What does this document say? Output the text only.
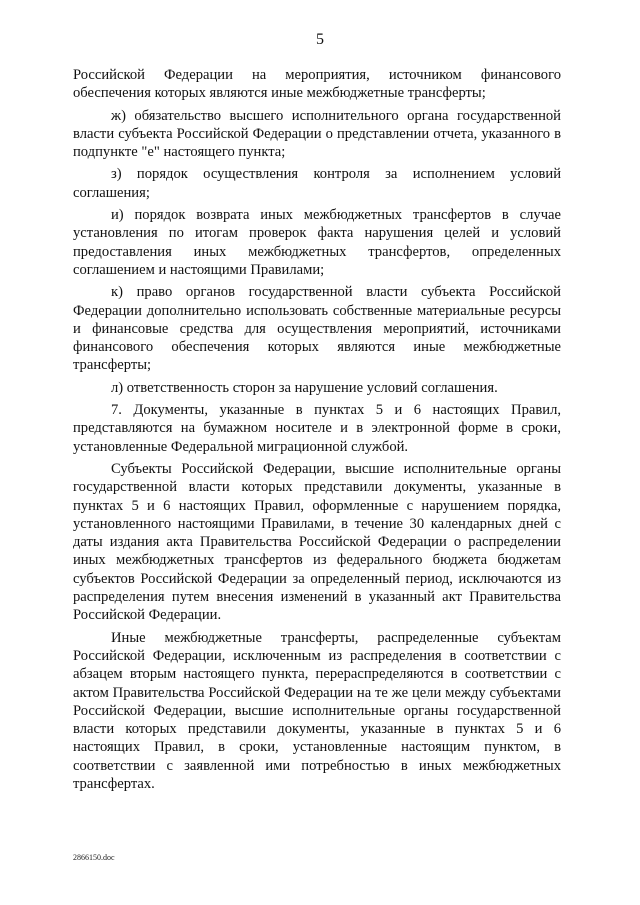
5

Российской Федерации на мероприятия, источником финансового обеспечения которых являются иные межбюджетные трансферты;

ж) обязательство высшего исполнительного органа государственной власти субъекта Российской Федерации о представлении отчета, указанного в подпункте "е" настоящего пункта;

з) порядок осуществления контроля за исполнением условий соглашения;

и) порядок возврата иных межбюджетных трансфертов в случае установления по итогам проверок факта нарушения целей и условий предоставления иных межбюджетных трансфертов, определенных соглашением и настоящими Правилами;

к) право органов государственной власти субъекта Российской Федерации дополнительно использовать собственные материальные ресурсы и финансовые средства для осуществления мероприятий, источниками финансового обеспечения которых являются иные межбюджетные трансферты;

л) ответственность сторон за нарушение условий соглашения.

7. Документы, указанные в пунктах 5 и 6 настоящих Правил, представляются на бумажном носителе и в электронной форме в сроки, установленные Федеральной миграционной службой.

Субъекты Российской Федерации, высшие исполнительные органы государственной власти которых представили документы, указанные в пунктах 5 и 6 настоящих Правил, оформленные с нарушением порядка, установленного настоящими Правилами, в течение 30 календарных дней с даты издания акта Правительства Российской Федерации о распределении иных межбюджетных трансфертов из федерального бюджета бюджетам субъектов Российской Федерации за определенный период, исключаются из распределения путем внесения изменений в указанный акт Правительства Российской Федерации.

Иные межбюджетные трансферты, распределенные субъектам Российской Федерации, исключенным из распределения в соответствии с абзацем вторым настоящего пункта, перераспределяются в соответствии с актом Правительства Российской Федерации на те же цели между субъектами Российской Федерации, высшие исполнительные органы государственной власти которых представили документы, указанные в пунктах 5 и 6 настоящих Правил, в сроки, установленные настоящим пунктом, в соответствии с заявленной ими потребностью в иных межбюджетных трансфертах.

2866150.doc
